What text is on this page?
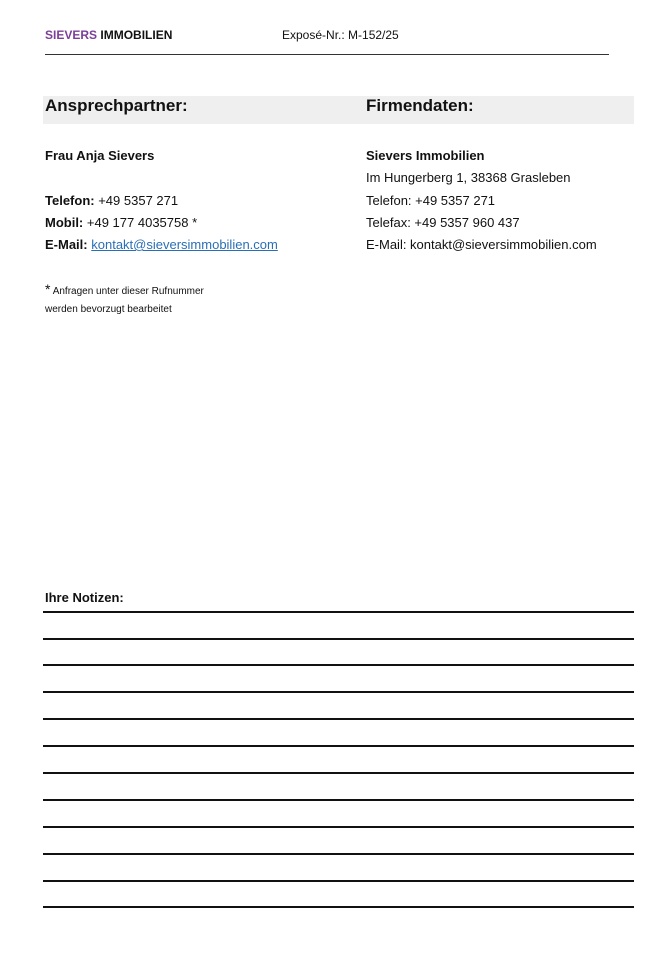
SIEVERS IMMOBILIEN	Exposé-Nr.: M-152/25
Ansprechpartner:	Firmendaten:
Frau Anja Sievers
Telefon: +49 5357 271
Mobil: +49 177 4035758 *
E-Mail: kontakt@sieversimmobilien.com
* Anfragen unter dieser Rufnummer
werden bevorzugt bearbeitet
Sievers Immobilien
Im Hungerberg 1, 38368 Grasleben
Telefon: +49 5357 271
Telefax: +49 5357 960 437
E-Mail: kontakt@sieversimmobilien.com
Ihre Notizen:
